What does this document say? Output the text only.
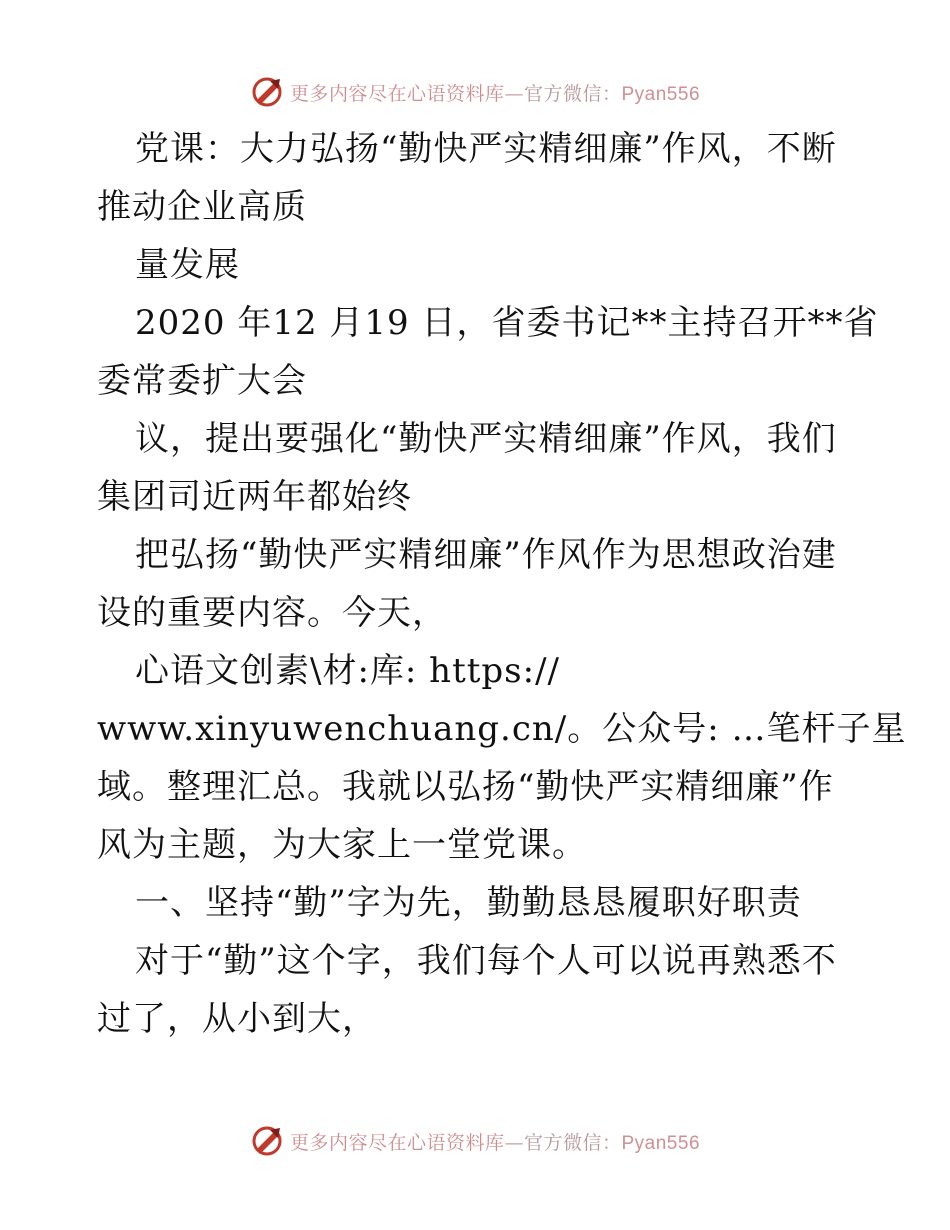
更多内容尽在心语资料库—官方微信：Pyan556
党课：大力弘扬“勤快严实精细廉”作风，不断
推动企业高质
量发展
2020 年12 月19 日，省委书记**主持召开**省
委常委扩大会
议，提出要强化“勤快严实精细廉”作风，我们
集团司近两年都始终
把弘扬“勤快严实精细廉”作风作为思想政治建
设的重要内容。今天，
心语文创素\材:库: https://
www.xinyuwenchuang.cn/。公众号: …笔杆子星
域。整理汇总。我就以弘扬“勤快严实精细廉”作
风为主题，为大家上一堂党课。
一、坚持“勤”字为先，勤勤恳恳履职好职责
对于“勤”这个字，我们每个人可以说再熟悉不
过了，从小到大，
更多内容尽在心语资料库—官方微信：Pyan556
